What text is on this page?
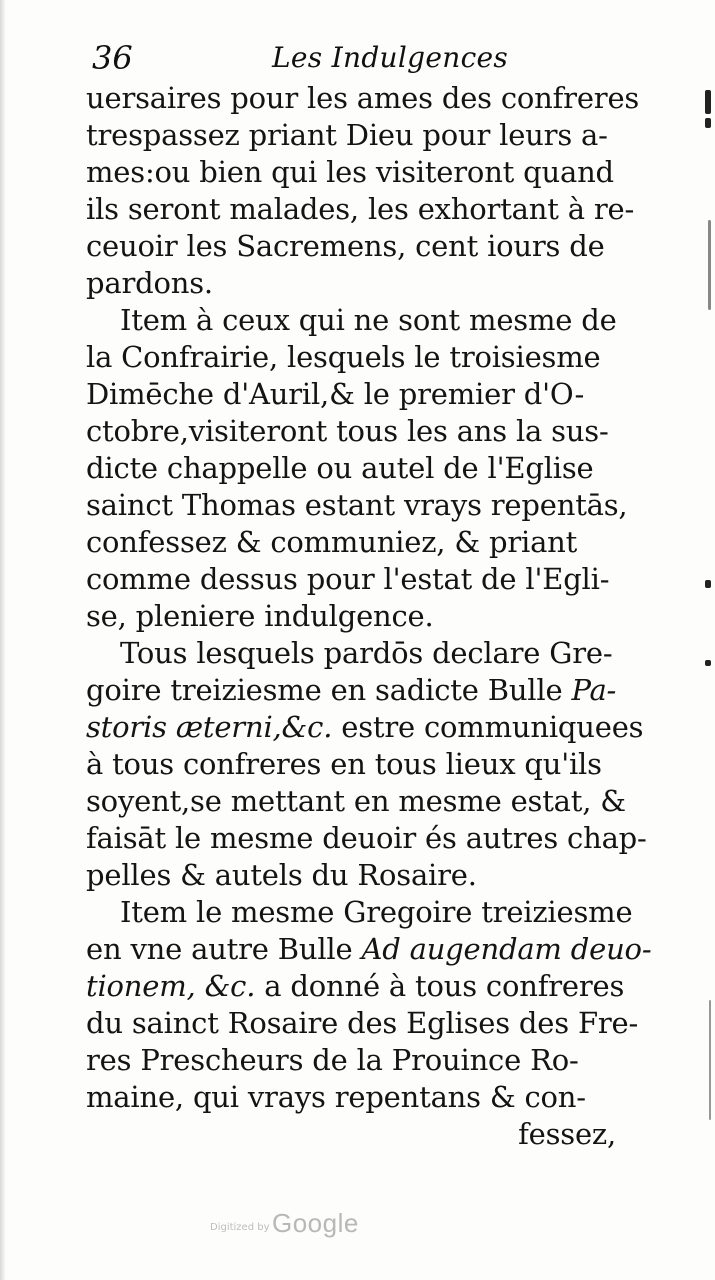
36	Les Indulgences
uersaires pour les ames des confreres
trespassez priant Dieu pour leurs a-
mes:ou bien qui les visiteront quand
ils seront malades, les exhortant à re-
ceuoir les Sacremens, cent iours de
pardons.
Item à ceux qui ne sont mesme de
la Confrairie, lesquels le troisiesme
Dimēche d'Auril,& le premier d'O-
ctobre,visiteront tous les ans la sus-
dicte chappelle ou autel de l'Eglise
sainct Thomas estant vrays repentās,
confessez & communiez, & priant
comme dessus pour l'estat de l'Egli-
se, pleniere indulgence.
Tous lesquels pardōs declare Gre-
goire treiziesme en sadicte Bulle Pa-
storis æterni,&c. estre communiquees
à tous confreres en tous lieux qu'ils
soyent,se mettant en mesme estat, &
faisāt le mesme deuoir és autres chap-
pelles & autels du Rosaire.
Item le mesme Gregoire treiziesme
en vne autre Bulle Ad augendam deuo-
tionem, &c. a donné à tous confreres
du sainct Rosaire des Eglises des Fre-
res Prescheurs de la Prouince Ro-
maine, qui vrays repentans & con-
fessez,
Digitized by Google
